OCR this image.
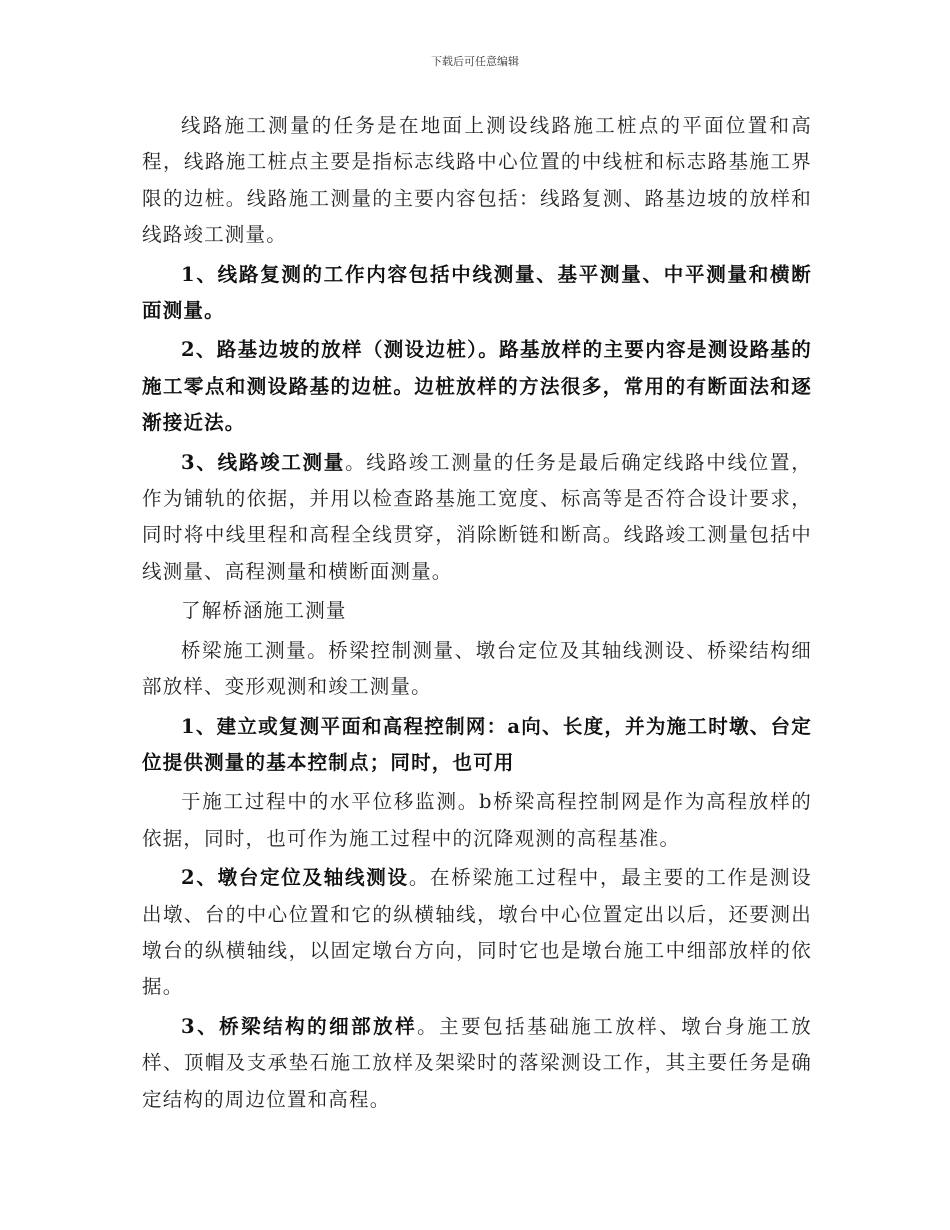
下载后可任意编辑

线路施工测量的任务是在地面上测设线路施工桩点的平面位置和高程，线路施工桩点主要是指标志线路中心位置的中线桩和标志路基施工界限的边桩。线路施工测量的主要内容包括：线路复测、路基边坡的放样和线路竣工测量。

1、线路复测的工作内容包括中线测量、基平测量、中平测量和横断面测量。

2、路基边坡的放样（测设边桩）。路基放样的主要内容是测设路基的施工零点和测设路基的边桩。边桩放样的方法很多，常用的有断面法和逐渐接近法。

3、线路竣工测量。线路竣工测量的任务是最后确定线路中线位置，作为铺轨的依据，并用以检查路基施工宽度、标高等是否符合设计要求，同时将中线里程和高程全线贯穿，消除断链和断高。线路竣工测量包括中线测量、高程测量和横断面测量。

了解桥涵施工测量

桥梁施工测量。桥梁控制测量、墩台定位及其轴线测设、桥梁结构细部放样、变形观测和竣工测量。

1、建立或复测平面和高程控制网：a向、长度，并为施工时墩、台定位提供测量的基本控制点；同时，也可用

于施工过程中的水平位移监测。b桥梁高程控制网是作为高程放样的依据，同时，也可作为施工过程中的沉降观测的高程基准。

2、墩台定位及轴线测设。在桥梁施工过程中，最主要的工作是测设出墩、台的中心位置和它的纵横轴线，墩台中心位置定出以后，还要测出墩台的纵横轴线，以固定墩台方向，同时它也是墩台施工中细部放样的依据。

3、桥梁结构的细部放样。主要包括基础施工放样、墩台身施工放样、顶帽及支承垫石施工放样及架梁时的落梁测设工作，其主要任务是确定结构的周边位置和高程。
